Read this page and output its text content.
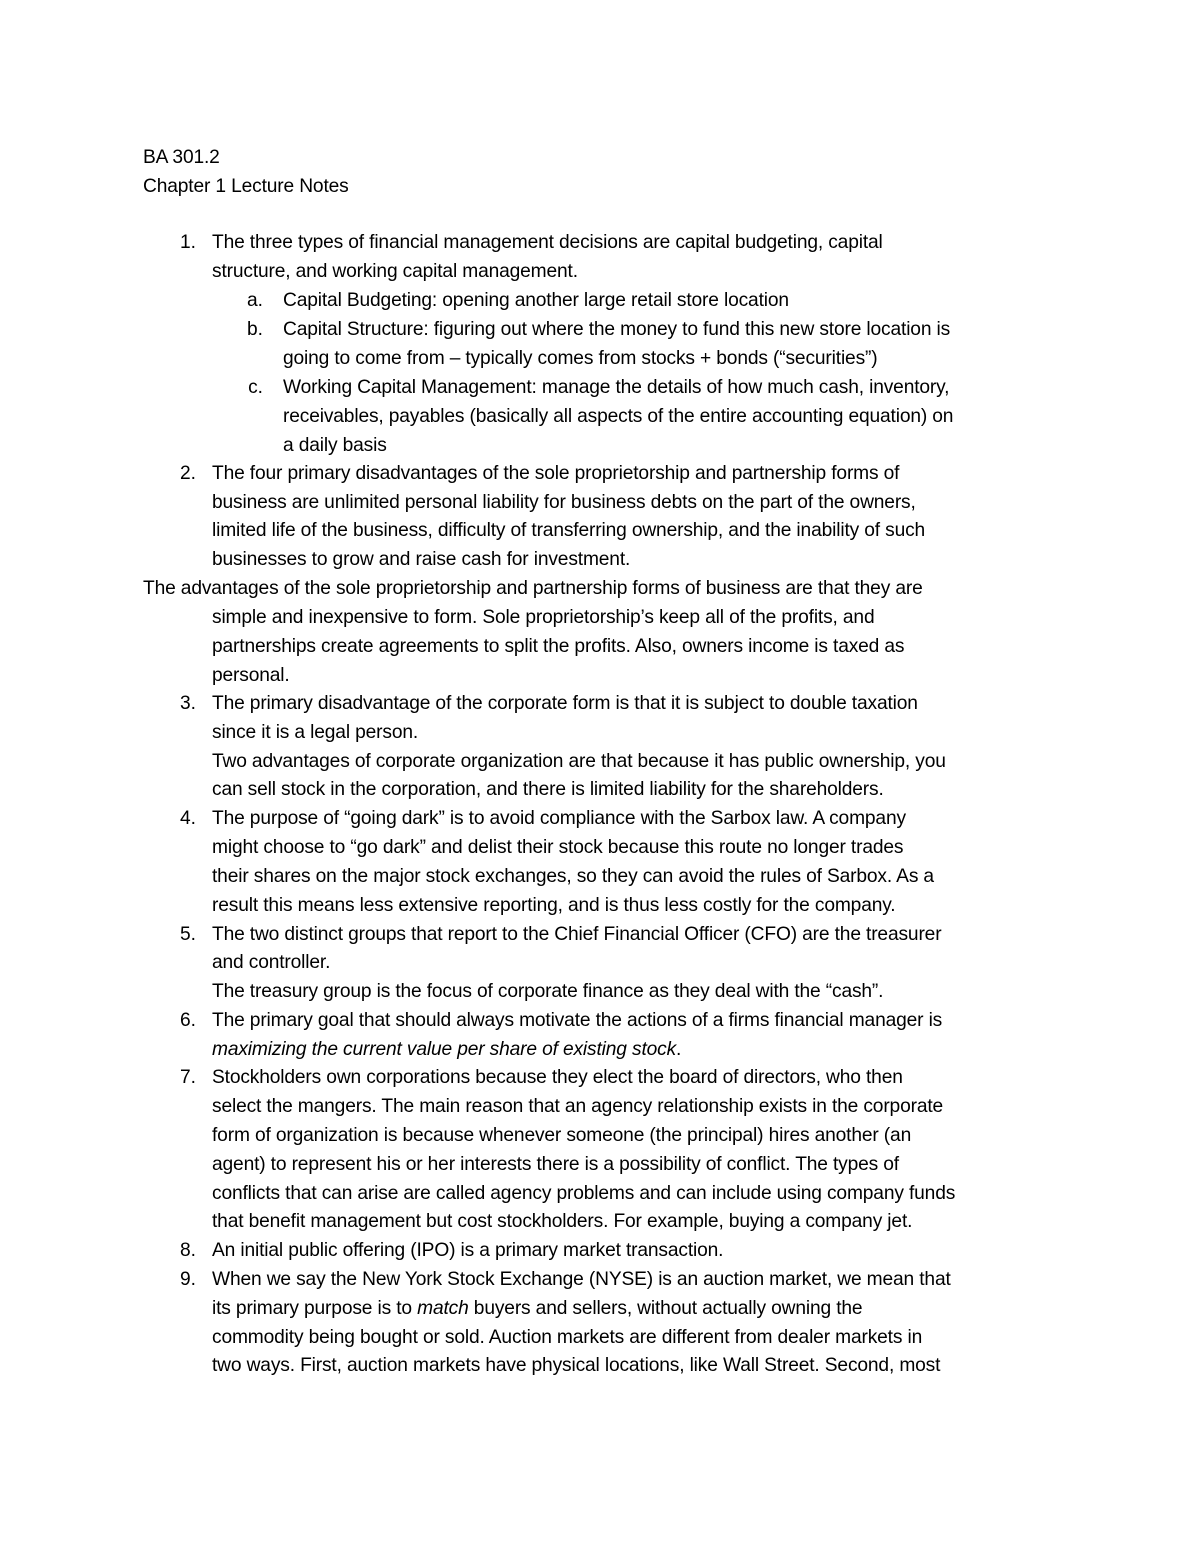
BA 301.2
Chapter 1 Lecture Notes
1. The three types of financial management decisions are capital budgeting, capital
structure, and working capital management.
a. Capital Budgeting: opening another large retail store location
b. Capital Structure: figuring out where the money to fund this new store location is
going to come from – typically comes from stocks + bonds (“securities”)
c. Working Capital Management: manage the details of how much cash, inventory,
receivables, payables (basically all aspects of the entire accounting equation) on
a daily basis
2. The four primary disadvantages of the sole proprietorship and partnership forms of
business are unlimited personal liability for business debts on the part of the owners,
limited life of the business, difficulty of transferring ownership, and the inability of such
businesses to grow and raise cash for investment.
The advantages of the sole proprietorship and partnership forms of business are that they are
simple and inexpensive to form. Sole proprietorship’s keep all of the profits, and
partnerships create agreements to split the profits. Also, owners income is taxed as
personal.
3. The primary disadvantage of the corporate form is that it is subject to double taxation
since it is a legal person.
Two advantages of corporate organization are that because it has public ownership, you
can sell stock in the corporation, and there is limited liability for the shareholders.
4. The purpose of “going dark” is to avoid compliance with the Sarbox law. A company
might choose to “go dark” and delist their stock because this route no longer trades
their shares on the major stock exchanges, so they can avoid the rules of Sarbox. As a
result this means less extensive reporting, and is thus less costly for the company.
5. The two distinct groups that report to the Chief Financial Officer (CFO) are the treasurer
and controller.
The treasury group is the focus of corporate finance as they deal with the “cash”.
6. The primary goal that should always motivate the actions of a firms financial manager is
maximizing the current value per share of existing stock.
7. Stockholders own corporations because they elect the board of directors, who then
select the mangers. The main reason that an agency relationship exists in the corporate
form of organization is because whenever someone (the principal) hires another (an
agent) to represent his or her interests there is a possibility of conflict. The types of
conflicts that can arise are called agency problems and can include using company funds
that benefit management but cost stockholders. For example, buying a company jet.
8. An initial public offering (IPO) is a primary market transaction.
9. When we say the New York Stock Exchange (NYSE) is an auction market, we mean that
its primary purpose is to match buyers and sellers, without actually owning the
commodity being bought or sold. Auction markets are different from dealer markets in
two ways. First, auction markets have physical locations, like Wall Street. Second, most
